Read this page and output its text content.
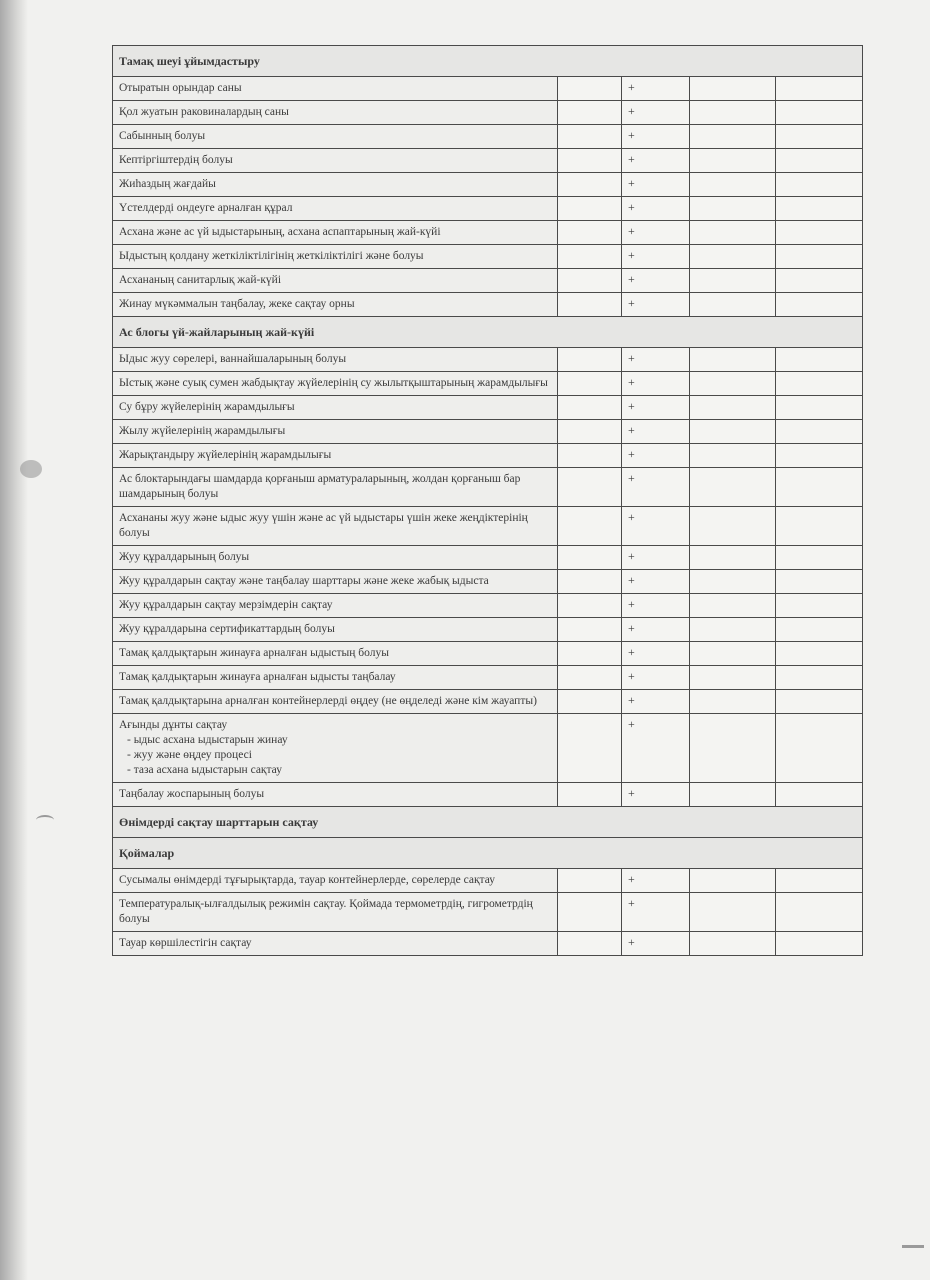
Тамақ шеуі ұйымдастыру				
Отыратын орындар саны		+		
Қол жуатын раковиналардың саны		+		
Сабынның болуы		+		
Кептіргіштердің болуы		+		
Жиһаздың жағдайы		+		
Үстелдерді ондеуге арналған құрал		+		
Асхана және ас үй ыдыстарының, асхана аспаптарының жай-күйі		+		
Ыдыстың қолдану жеткіліктілігінің жеткіліктілігі және болуы		+		
Асхананың санитарлық жай-күйі		+		
Жинау мүкәммалын таңбалау, жеке сақтау орны		+		
Ас блогы үй-жайларының жай-күйі				
Ыдыс жуу сөрелері, ваннайшаларының болуы		+		
Ыстық және суық сумен жабдықтау жүйелерінің су жылытқыштарының жарамдылығы		+		
Су бұру жүйелерінің жарамдылығы		+		
Жылу жүйелерінің жарамдылығы		+		
Жарықтандыру жүйелерінің жарамдылығы		+		
Ас блоктарындағы шамдарда қорғаныш арматураларының, жолдан қорғаныш бар шамдарының болуы		+		
Асхананы жуу және ыдыс жуу үшін және ас үй ыдыстары үшін жеке жеңдіктерінің болуы		+		
Жуу құралдарының болуы		+		
Жуу құралдарын сақтау және таңбалау шарттары және жеке жабық ыдыста		+		
Жуу құралдарын сақтау мерзімдерін сақтау		+		
Жуу құралдарына сертификаттардың болуы		+		
Тамақ қалдықтарын жинауға арналған ыдыстың болуы		+		
Тамақ қалдықтарын жинауға арналған ыдысты таңбалау		+		
Тамақ қалдықтарына арналған контейнерлерді өңдеу (не өңделеді және кім жауапты)		+		

Ағынды дұнты сақтау
- ыдыс асхана ыдыстарын жинау
- жуу және өңдеу процесі
- таза асхана ыдыстарын сақтау		+		
Таңбалау жоспарының болуы		+		
Өнімдерді сақтау шарттарын сақтау				
Қоймалар				
Сусымалы өнімдерді тұғырықтарда, тауар контейнерлерде, сөрелерде сақтау		+		
Температуралық-ылғалдылық режимін сақтау. Қоймада термометрдің, гигрометрдің болуы		+		
Тауар көршілестігін сақтау		+		
